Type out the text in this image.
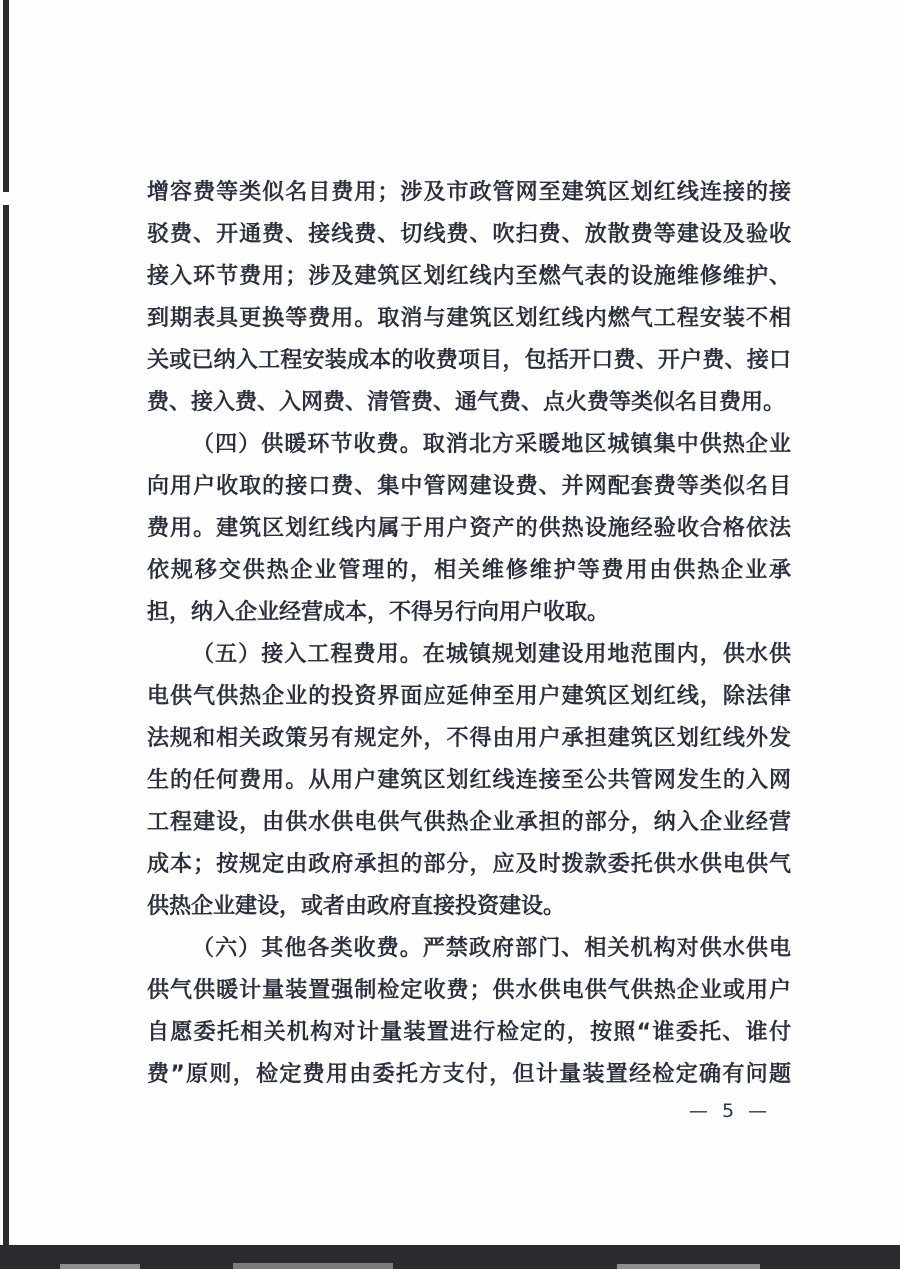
增容费等类似名目费用；涉及市政管网至建筑区划红线连接的接
驳费、开通费、接线费、切线费、吹扫费、放散费等建设及验收
接入环节费用；涉及建筑区划红线内至燃气表的设施维修维护、
到期表具更换等费用。取消与建筑区划红线内燃气工程安装不相
关或已纳入工程安装成本的收费项目，包括开口费、开户费、接口
费、接入费、入网费、清管费、通气费、点火费等类似名目费用。
（四）供暖环节收费。取消北方采暖地区城镇集中供热企业
向用户收取的接口费、集中管网建设费、并网配套费等类似名目
费用。建筑区划红线内属于用户资产的供热设施经验收合格依法
依规移交供热企业管理的，相关维修维护等费用由供热企业承
担，纳入企业经营成本，不得另行向用户收取。
（五）接入工程费用。在城镇规划建设用地范围内，供水供
电供气供热企业的投资界面应延伸至用户建筑区划红线，除法律
法规和相关政策另有规定外，不得由用户承担建筑区划红线外发
生的任何费用。从用户建筑区划红线连接至公共管网发生的入网
工程建设，由供水供电供气供热企业承担的部分，纳入企业经营
成本；按规定由政府承担的部分，应及时拨款委托供水供电供气
供热企业建设，或者由政府直接投资建设。
（六）其他各类收费。严禁政府部门、相关机构对供水供电
供气供暖计量装置强制检定收费；供水供电供气供热企业或用户
自愿委托相关机构对计量装置进行检定的，按照“谁委托、谁付
费”原则，检定费用由委托方支付，但计量装置经检定确有问题
— 5 —
